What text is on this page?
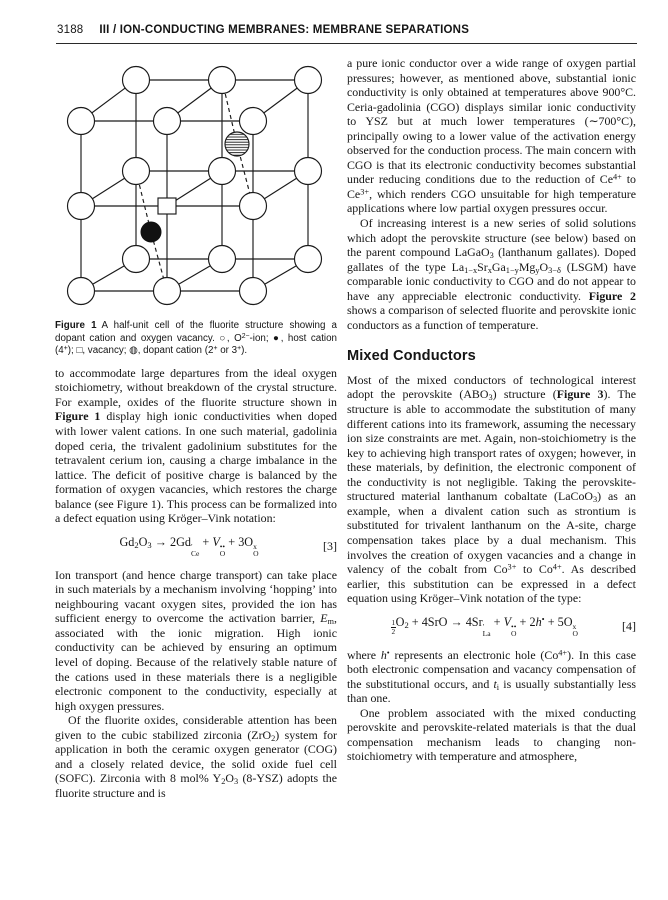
3188 III / ION-CONDUCTING MEMBRANES: MEMBRANE SEPARATIONS
Figure 1 A half-unit cell of the fluorite structure showing a dopant cation and oxygen vacancy. ○, $O^{2-}$-ion; ●, host cation (4+); □, vacancy; ◍, dopant cation (2+ or 3+).

to accommodate large departures from the ideal oxygen stoichiometry, without breakdown of the crystal structure. For example, oxides of the fluorite structure shown in Figure 1 display high ionic conductivities when doped with lower valent cations. In one such material, gadolinia doped ceria, the trivalent gadolinium substitutes for the tetravalent cerium ion, causing a charge imbalance in the lattice. The deficit of positive charge is balanced by the formation of oxygen vacancies, which restores the charge balance (see Figure 1). This process can be formalized into a defect equation using Kröger–Vink notation:

$Gd_2O_3 \to 2Gd$ ′
Ce
+ V ••
O
+ 3O x
O
[3]

Ion transport (and hence charge transport) can take place in such materials by a mechanism involving ‘hopping’ into neighbouring vacant oxygen sites, provided the ion has sufficient energy to overcome the activation barrier, $E_m$, associated with the ionic migration. High ionic conductivity can be achieved by ensuring an optimum level of doping. Because of the relatively stable nature of the cations used in these materials there is a negligible electronic component to the conductivity, especially at high oxygen pressures.

Of the fluorite oxides, considerable attention has been given to the cubic stabilized zirconia (ZrO$_2$) system for application in both the ceramic oxygen generator (COG) and a closely related device, the solid oxide fuel cell (SOFC). Zirconia with 8 mol% $Y_2O_3$ (8-YSZ) adopts the fluorite structure and is

a pure ionic conductor over a wide range of oxygen partial pressures; however, as mentioned above, substantial ionic conductivity is only obtained at temperatures above 900°C. Ceria-gadolinia (CGO) displays similar ionic conductivity to YSZ but at much lower temperatures (∼700°C), principally owing to a lower value of the activation energy observed for the conduction process. The main concern with CGO is that its electronic conductivity becomes substantial under reducing conditions due to the reduction of $Ce^{4+}$ to $Ce^{3+}$, which renders CGO unsuitable for high temperature applications where low partial oxygen pressures occur.

Of increasing interest is a new series of solid solutions which adopt the perovskite structure (see below) based on the parent compound LaGaO$_3$ (lanthanum gallates). Doped gallates of the type $La_{1-x}Sr_xGa_{1-y}Mg_yO_{3-\delta}$ (LSGM) have comparable ionic conductivity to CGO and do not appear to have any appreciable electronic conductivity. Figure 2 shows a comparison of selected fluorite and perovskite ionic conductors as a function of temperature.

Mixed Conductors

Most of the mixed conductors of technological interest adopt the perovskite $(ABO_3)$ structure (Figure 3). The structure is able to accommodate the substitution of many different cations into its framework, assuming the necessary ion size constraints are met. Again, non-stoichiometry is the key to achieving high transport rates of oxygen; however, in these materials, by definition, the electronic component of the conductivity is not negligible. Taking the perovskite-structured material lanthanum cobaltate (LaCoO$_3$) as an example, when a divalent cation such as strontium is substituted for trivalent lanthanum on the A-site, charge compensation takes place by a dual mechanism. This involves the creation of oxygen vacancies and a change in valency of the cobalt from $Co^{3+}$ to $Co^{4+}$. As described earlier, this substitution can be expressed in a defect equation using Kröger–Vink notation of the type:

$\frac{1}{2} O_2 + 4SrO \to 4Sr$ ′
La
+ V ••
O
+ 2h• + 5O x
O
[4]

where h• represents an electronic hole $(Co^{4+})$. In this case both electronic compensation and vacancy compensation of the substitutional occurs, and $t_i$ is usually substantially less than one.

One problem associated with the mixed conducting perovskite and perovskite-related materials is that the dual compensation mechanism leads to changing non-stoichiometry with temperature and atmosphere,
